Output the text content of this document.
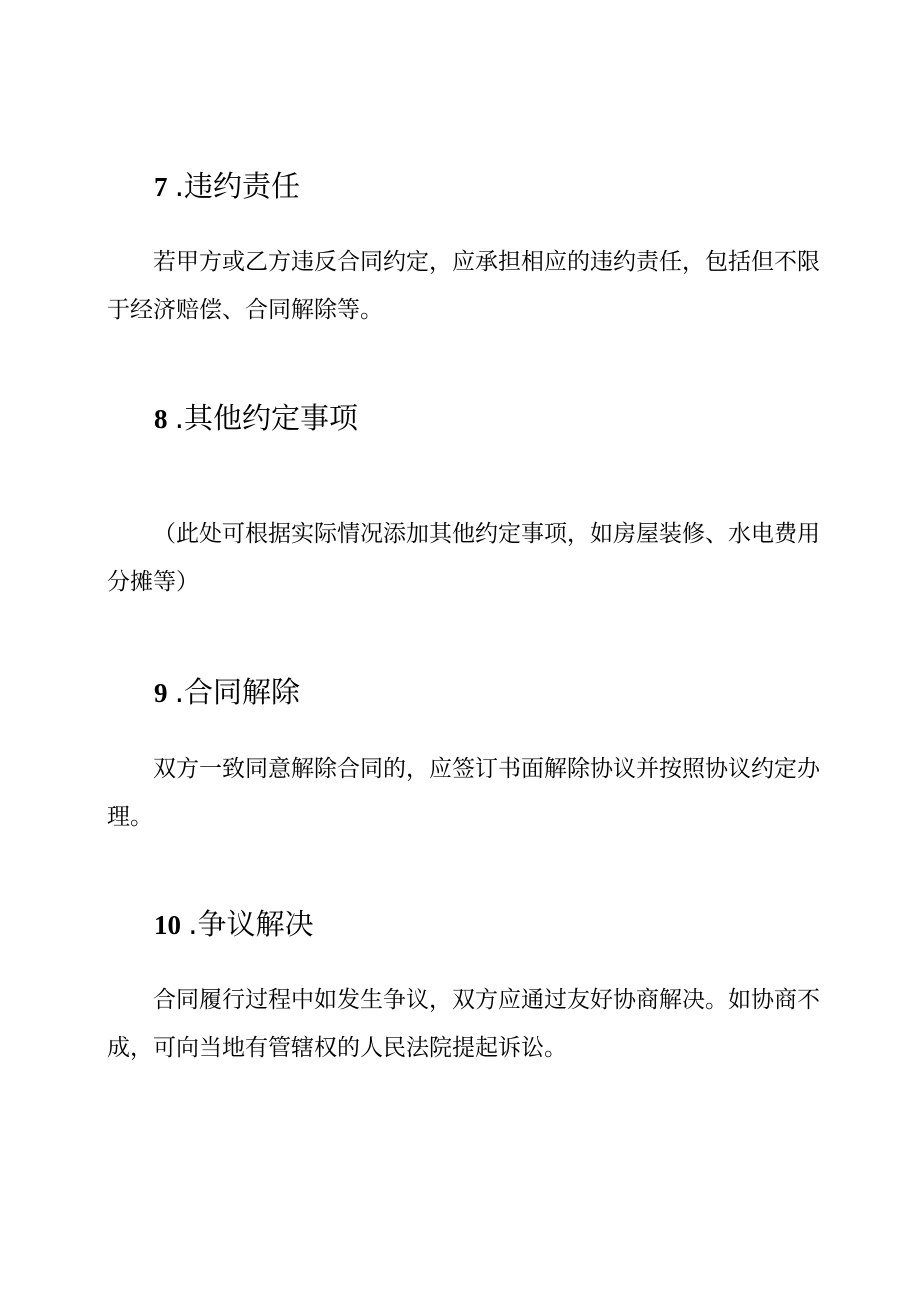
7 .违约责任

若甲方或乙方违反合同约定，应承担相应的违约责任，包括但不限于经济赔偿、合同解除等。

8 .其他约定事项

（此处可根据实际情况添加其他约定事项，如房屋装修、水电费用分摊等）

9 .合同解除

双方一致同意解除合同的，应签订书面解除协议并按照协议约定办理。

10 .争议解决

合同履行过程中如发生争议，双方应通过友好协商解决。如协商不成，可向当地有管辖权的人民法院提起诉讼。
